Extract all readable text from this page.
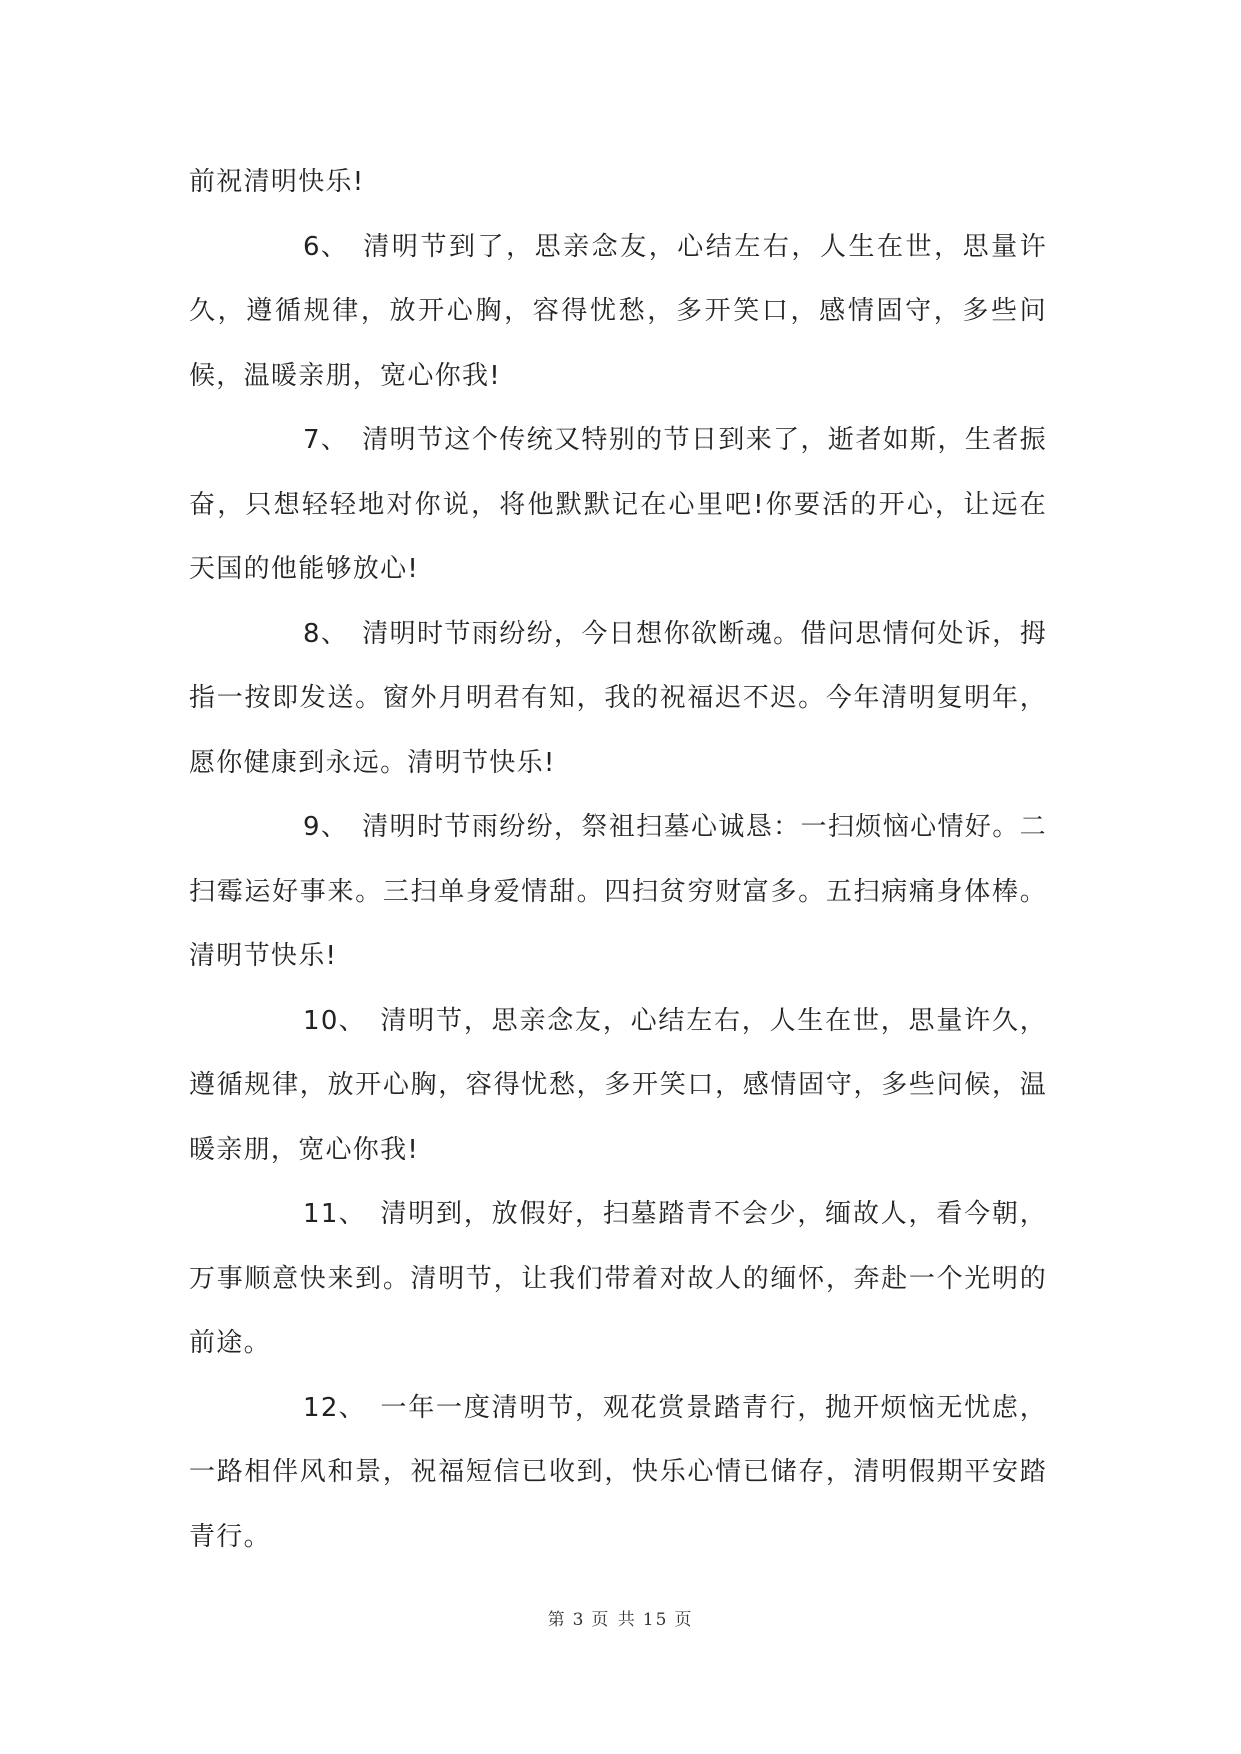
前祝清明快乐!

6、 清明节到了，思亲念友，心结左右，人生在世，思量许久，遵循规律，放开心胸，容得忧愁，多开笑口，感情固守，多些问候，温暖亲朋，宽心你我!

7、 清明节这个传统又特别的节日到来了，逝者如斯，生者振奋，只想轻轻地对你说，将他默默记在心里吧!你要活的开心，让远在天国的他能够放心!

8、 清明时节雨纷纷，今日想你欲断魂。借问思情何处诉，拇指一按即发送。窗外月明君有知，我的祝福迟不迟。今年清明复明年，愿你健康到永远。清明节快乐!

9、 清明时节雨纷纷，祭祖扫墓心诚恳：一扫烦恼心情好。二扫霉运好事来。三扫单身爱情甜。四扫贫穷财富多。五扫病痛身体棒。清明节快乐!

10、 清明节，思亲念友，心结左右，人生在世，思量许久，遵循规律，放开心胸，容得忧愁，多开笑口，感情固守，多些问候，温暖亲朋，宽心你我!

11、 清明到，放假好，扫墓踏青不会少，缅故人，看今朝，万事顺意快来到。清明节，让我们带着对故人的缅怀，奔赴一个光明的前途。

12、 一年一度清明节，观花赏景踏青行，抛开烦恼无忧虑，一路相伴风和景，祝福短信已收到，快乐心情已储存，清明假期平安踏青行。

第 3 页 共 15 页
